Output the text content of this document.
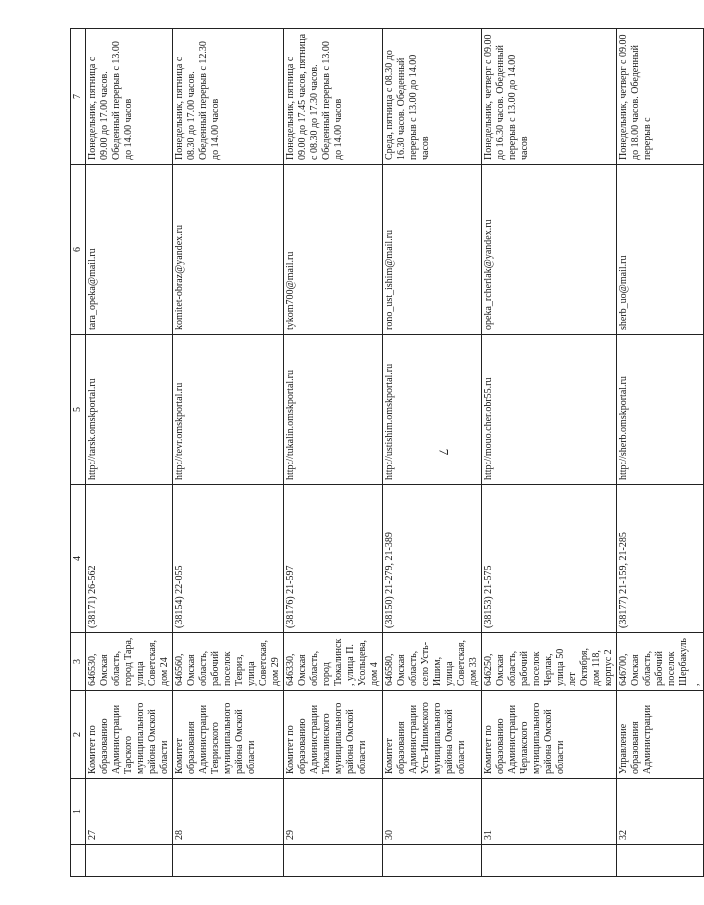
7
	1	2	3	4	5	6	7
	27	Комитет по образованию Администрации Тарского муниципального района Омской области	646530, Омская область, город Тара, улица Советская, дом 24	(38171) 26-562	http://tarsk.omskportal.ru	tara_opeka@mail.ru	Понедельник, пятница с 09.00 до 17.00 часов. Обеденный перерыв с 13.00 до 14.00 часов
	28	Комитет образования Администрации Тевризского муниципального района Омской области	646560, Омская область, рабочий поселок Тевриз, улица Советская, дом 29	(38154) 22-055	http://tevr.omskportal.ru	komitet-obraz@yandex.ru	Понедельник, пятница с 08.30 до 17.00 часов. Обеденный перерыв с 12.30 до 14.00 часов
	29	Комитет по образованию Администрации Тюкалинского муниципального района Омской области	646330, Омская область, город Тюкалинск, улица П. Усольцева, дом 4	(38176) 21-597	http://tukalin.omskportal.ru	tykom700@mail.ru	Понедельник, пятница с 09.00 до 17.45 часов, пятница с 08.30 до 17.30 часов. Обеденный перерыв с 13.00 до 14.00 часов
	30	Комитет образования Администрации Усть-Ишимского муниципального района Омской области	646580, Омская область, село Усть-Ишим, улица Советская, дом 33	(38150) 21-279, 21-389	http://ustishim.omskportal.ru	rono_ust_ishim@mail.ru	Среда, пятница с 08.30 до 16.30 часов. Обеденный перерыв с 13.00 до 14.00 часов
	31	Комитет по образованию Администрации Черлакского муниципального района Омской области	646250, Омская область, рабочий поселок Черлак, улица 50 лет Октября, дом 118, корпус 2	(38153) 21-575	http://mouo.cher.obr55.ru	opeka_rcherlak@yandex.ru	Понедельник, четверг с 09.00 до 16.30 часов. Обеденный перерыв с 13.00 до 14.00 часов
	32	Управление образования Администрации	646700, Омская область, рабочий поселок Шербакуль,	(38177) 21-159, 21-285	http://sherb.omskportal.ru	sherb_uo@mail.ru	Понедельник, четверг с 09.00 до 18.00 часов. Обеденный перерыв с
